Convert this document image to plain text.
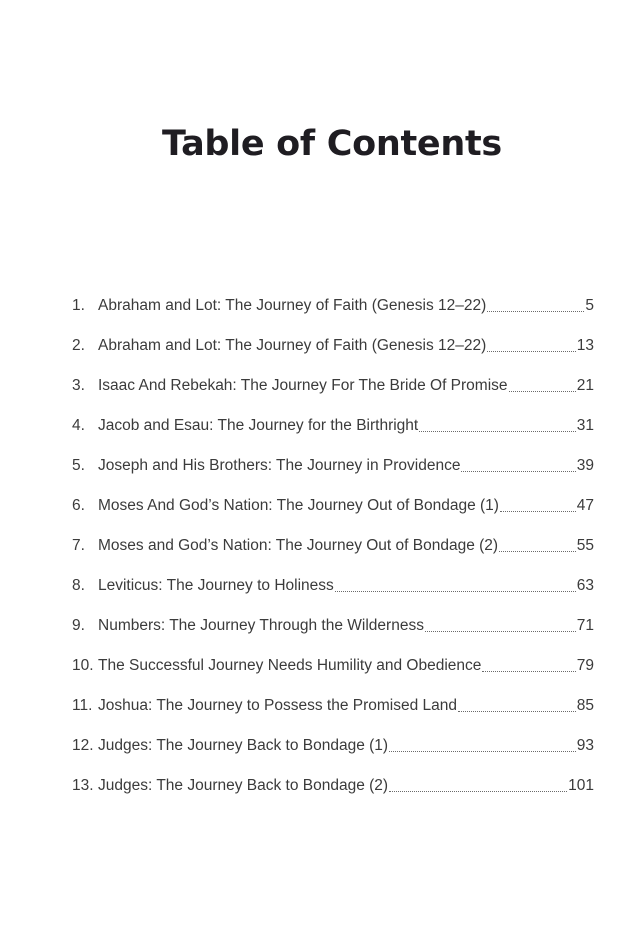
Table of Contents
1. Abraham and Lot: The Journey of Faith (Genesis 12–22)	5
2. Abraham and Lot: The Journey of Faith (Genesis 12–22)	13
3. Isaac And Rebekah: The Journey For The Bride Of Promise	21
4. Jacob and Esau: The Journey for the Birthright	31
5. Joseph and His Brothers: The Journey in Providence	39
6. Moses And God’s Nation: The Journey Out of Bondage (1)	47
7. Moses and God’s Nation: The Journey Out of Bondage (2)	55
8. Leviticus: The Journey to Holiness	63
9. Numbers: The Journey Through the Wilderness	71
10. The Successful Journey Needs Humility and Obedience	79
11. Joshua: The Journey to Possess the Promised Land	85
12. Judges: The Journey Back to Bondage (1)	93
13. Judges: The Journey Back to Bondage (2)	101
